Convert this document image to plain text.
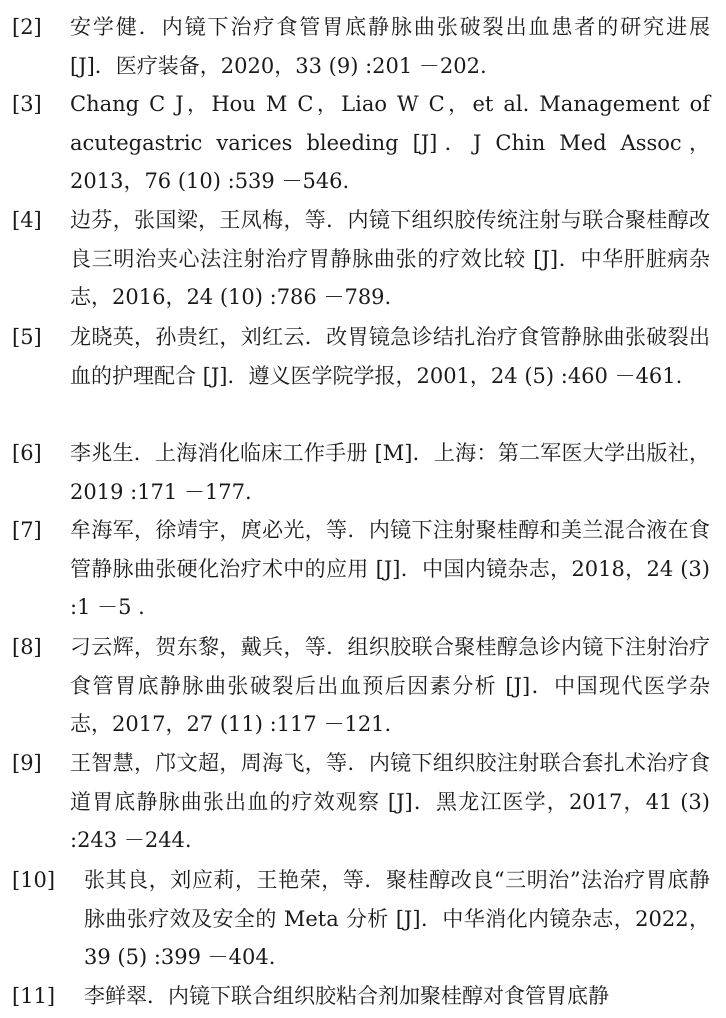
[2] 安学健．内镜下治疗食管胃底静脉曲张破裂出血患者的研究进展 [J]．医疗装备，2020，33 (9) :201 －202.
[3] Chang C J，Hou M C，Liao W C，et al. Management of acutegastric varices bleeding [J]．J Chin Med Assoc，2013，76 (10) :539 －546.
[4] 边芬，张国梁，王凤梅，等．内镜下组织胶传统注射与联合聚桂醇改良三明治夹心法注射治疗胃静脉曲张的疗效比较 [J]．中华肝脏病杂志，2016，24 (10) :786 －789.
[5] 龙晓英，孙贵红，刘红云．改胃镜急诊结扎治疗食管静脉曲张破裂出血的护理配合 [J]．遵义医学院学报，2001，24 (5) :460 －461.
[6] 李兆生．上海消化临床工作手册 [M]．上海：第二军医大学出版社，2019 :171 －177.
[7] 牟海军，徐靖宇，庹必光，等．内镜下注射聚桂醇和美兰混合液在食管静脉曲张硬化治疗术中的应用 [J]．中国内镜杂志，2018，24 (3) :1 －5 .
[8] 刁云辉，贺东黎，戴兵，等．组织胶联合聚桂醇急诊内镜下注射治疗食管胃底静脉曲张破裂后出血预后因素分析 [J]．中国现代医学杂志，2017，27 (11) :117 －121.
[9] 王智慧，邝文超，周海飞，等．内镜下组织胶注射联合套扎术治疗食道胃底静脉曲张出血的疗效观察 [J]．黑龙江医学，2017，41 (3) :243 －244.
[10] 张其良，刘应莉，王艳荣，等．聚桂醇改良“三明治”法治疗胃底静脉曲张疗效及安全的 Meta 分析 [J]．中华消化内镜杂志，2022，39 (5) :399 －404.
[11] 李鲜翠．内镜下联合组织胶粘合剂加聚桂醇对食管胃底静
